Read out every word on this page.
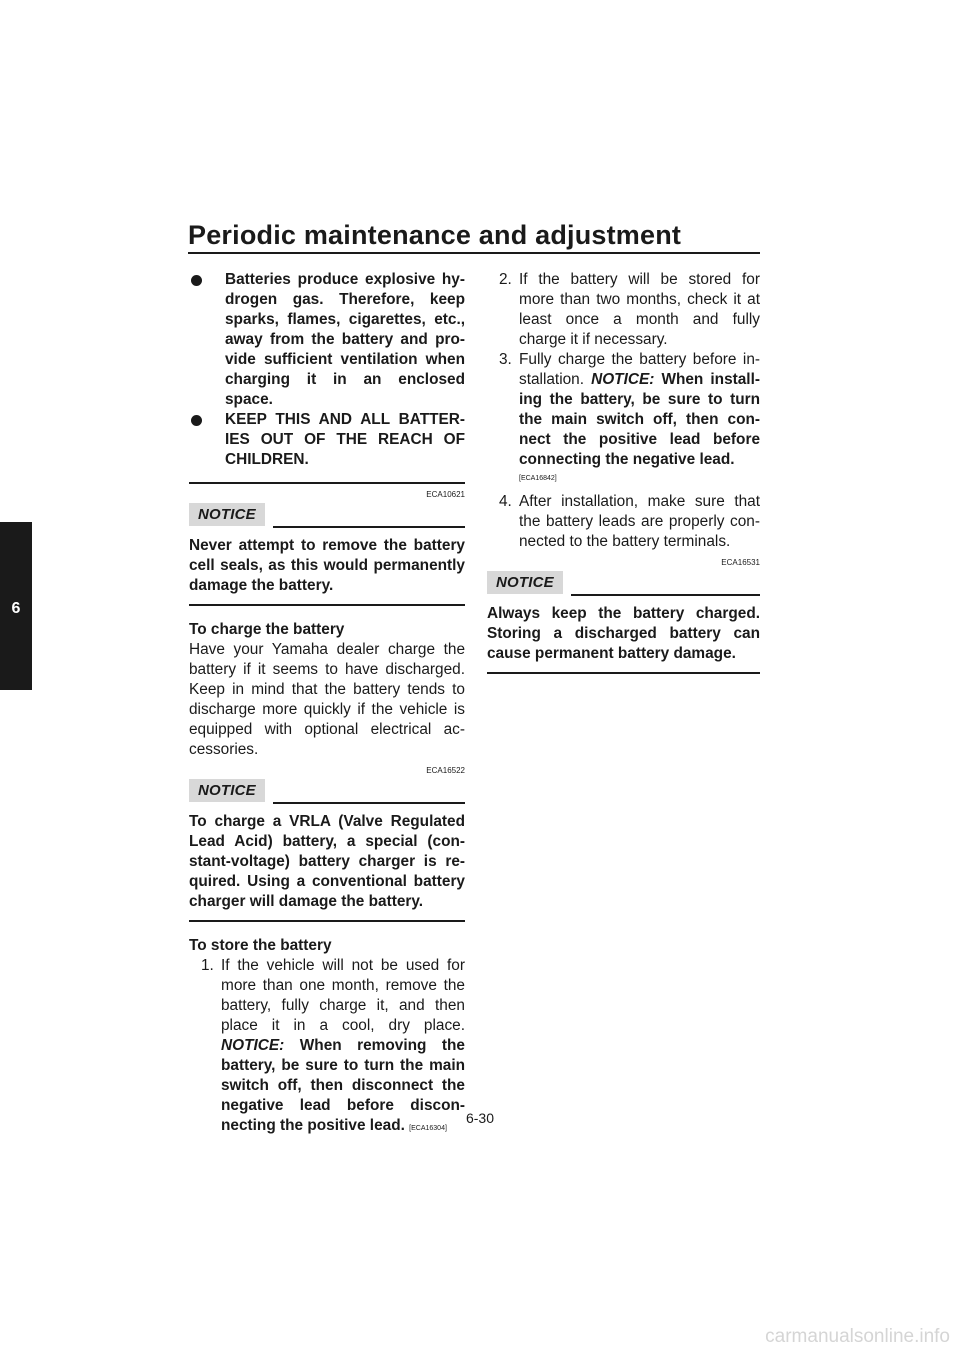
Periodic maintenance and adjustment
6
Batteries produce explosive hy-drogen gas. Therefore, keep sparks, flames, cigarettes, etc., away from the battery and pro-vide sufficient ventilation when charging it in an enclosed space.
KEEP THIS AND ALL BATTER-IES OUT OF THE REACH OF CHILDREN.
ECA10621
NOTICE
Never attempt to remove the battery cell seals, as this would permanently damage the battery.
To charge the battery
Have your Yamaha dealer charge the battery if it seems to have discharged. Keep in mind that the battery tends to discharge more quickly if the vehicle is equipped with optional electrical ac-cessories.
ECA16522
NOTICE
To charge a VRLA (Valve Regulated Lead Acid) battery, a special (con-stant-voltage) battery charger is re-quired. Using a conventional battery charger will damage the battery.
To store the battery
1. If the vehicle will not be used for more than one month, remove the battery, fully charge it, and then place it in a cool, dry place. NOTICE: When removing the battery, be sure to turn the main switch off, then disconnect the negative lead before discon-necting the positive lead. [ECA16304]
2. If the battery will be stored for more than two months, check it at least once a month and fully charge it if necessary.
3. Fully charge the battery before in-stallation. NOTICE: When install-ing the battery, be sure to turn the main switch off, then con-nect the positive lead before connecting the negative lead.
[ECA16842]
4. After installation, make sure that the battery leads are properly con-nected to the battery terminals.
ECA16531
NOTICE
Always keep the battery charged. Storing a discharged battery can cause permanent battery damage.
6-30
carmanualsonline.info
